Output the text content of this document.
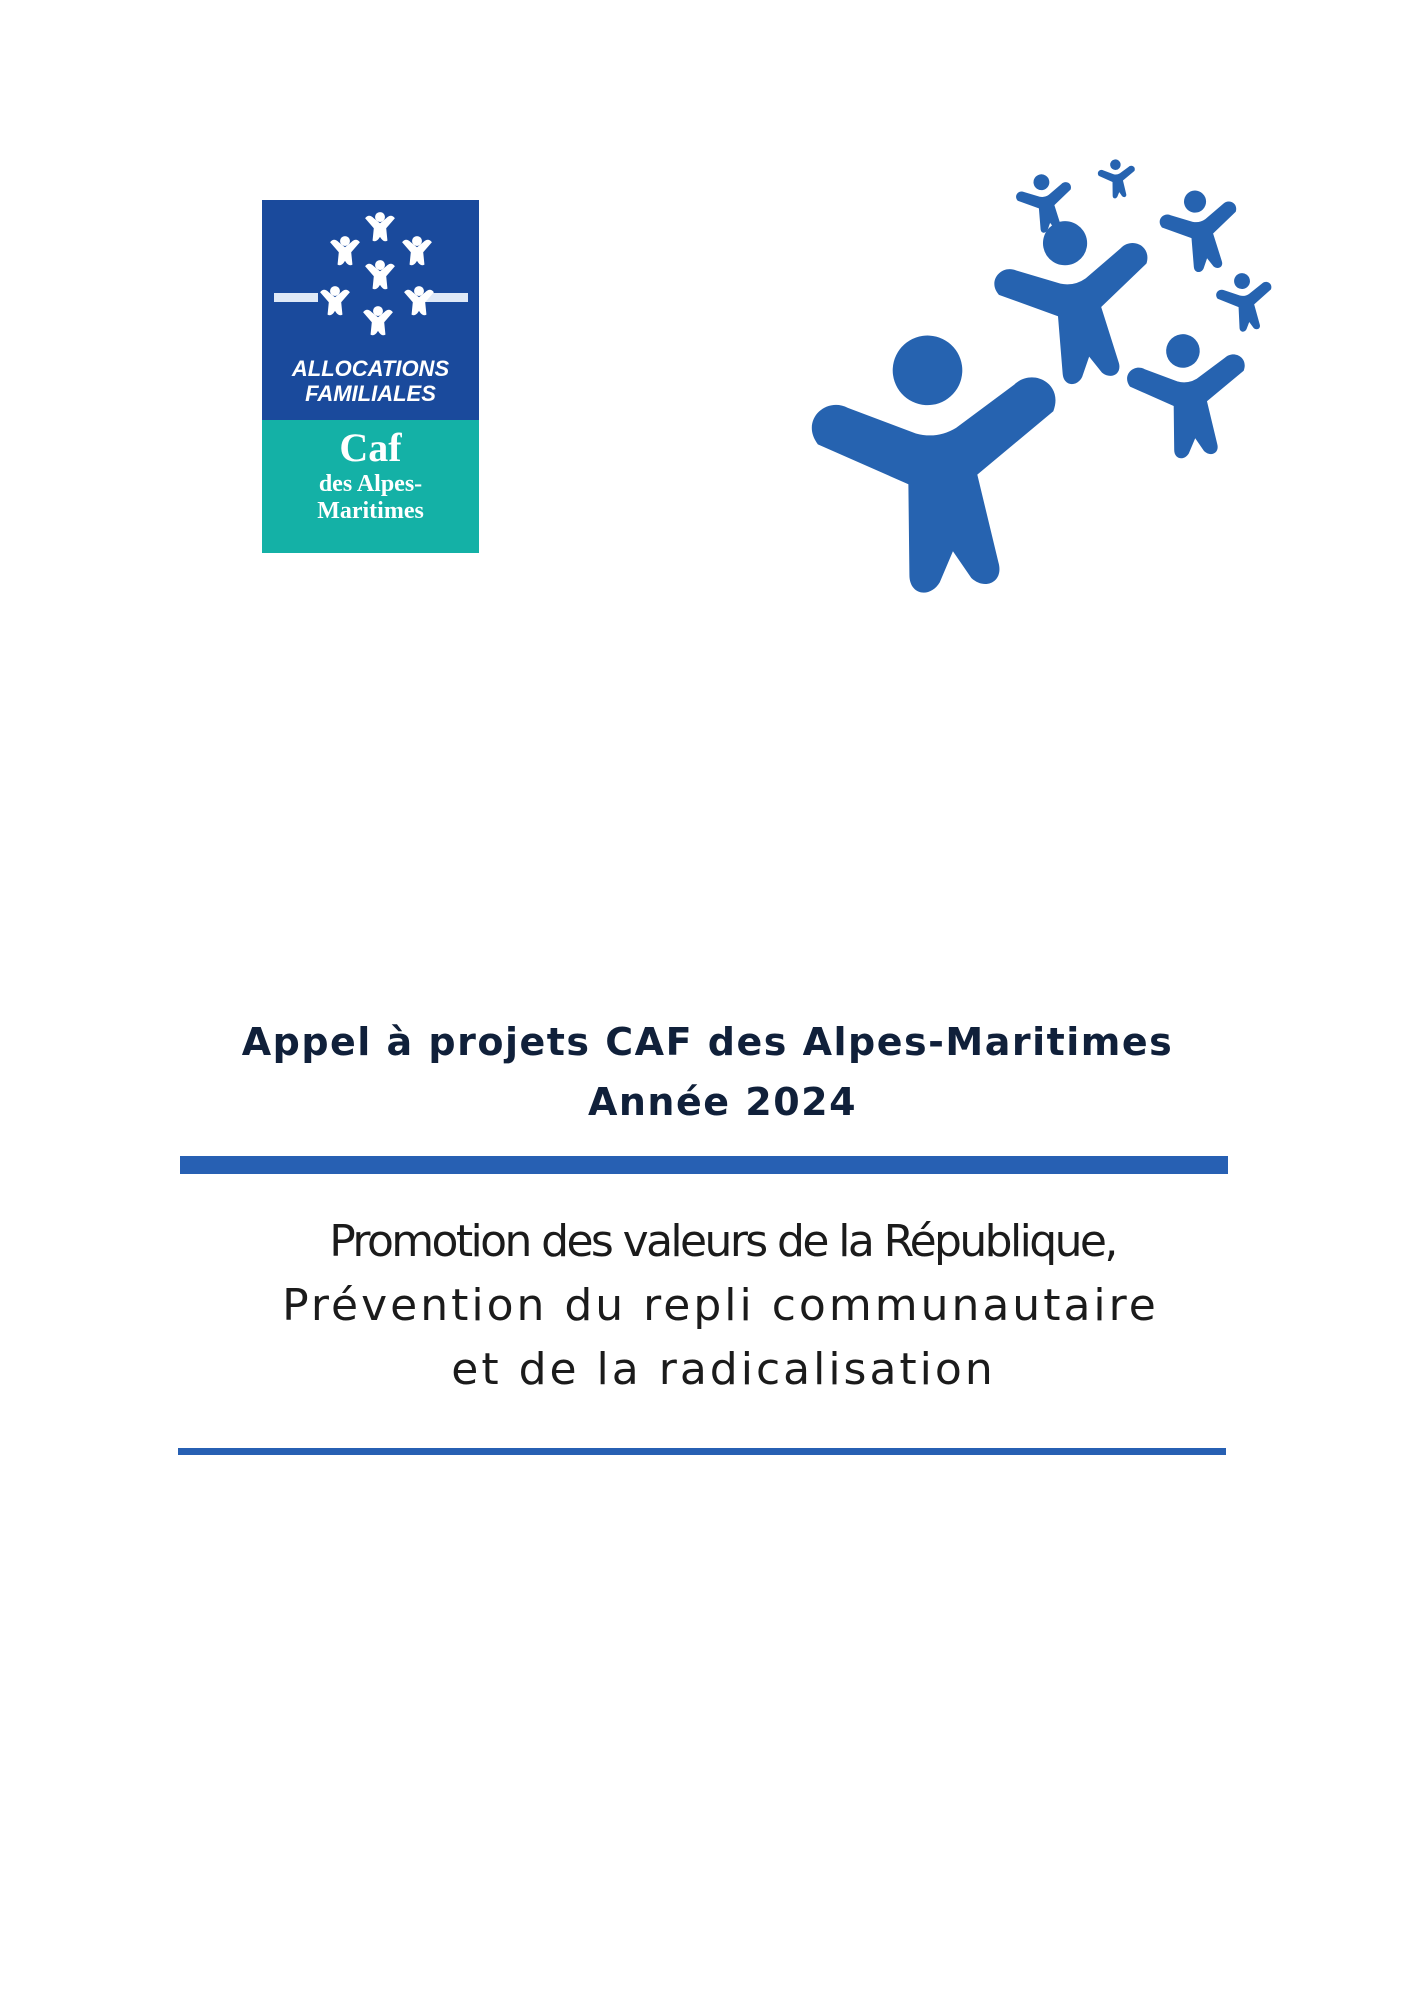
ALLOCATIONS
FAMILIALES
Caf
des Alpes-
Maritimes
Appel à projets CAF des Alpes-Maritimes
Année 2024
Promotion des valeurs de la République,
Prévention du repli communautaire
et de la radicalisation
